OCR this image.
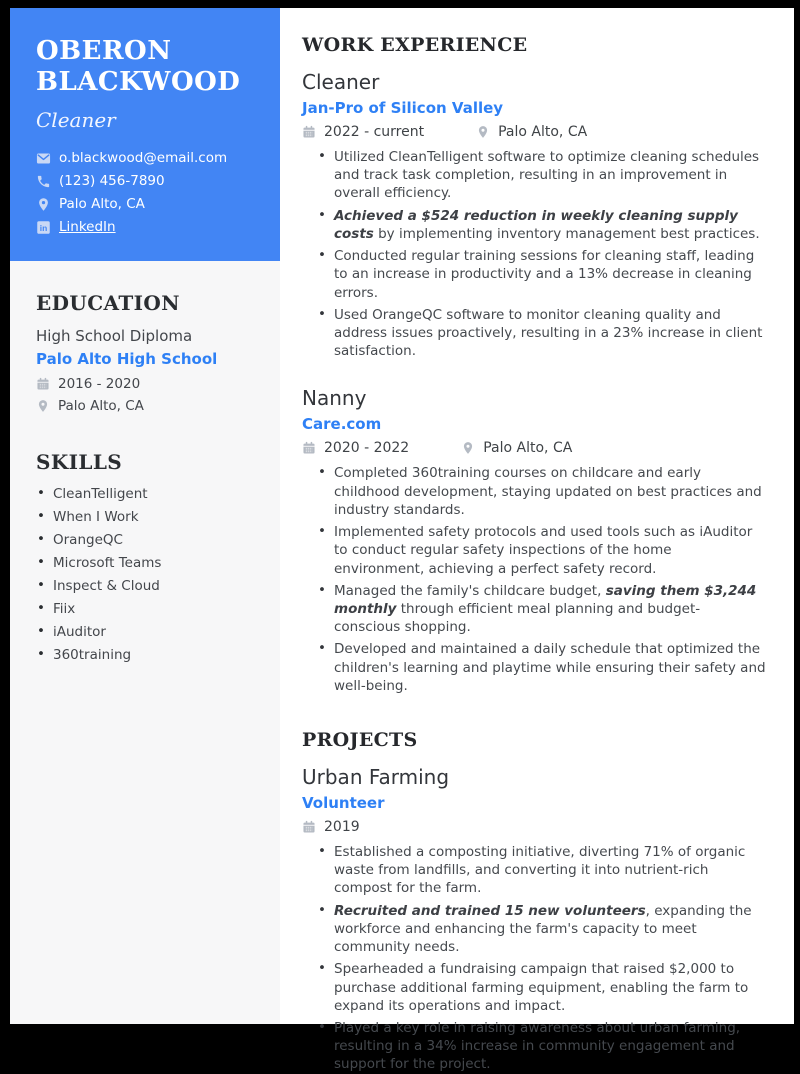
OBERON BLACKWOOD
Cleaner
o.blackwood@email.com
(123) 456-7890
Palo Alto, CA
in LinkedIn
EDUCATION
High School Diploma
Palo Alto High School
2016 - 2020
Palo Alto, CA
SKILLS
• CleanTelligent
• When I Work
• OrangeQC
• Microsoft Teams
• Inspect & Cloud
• Fiix
• iAuditor
• 360training
WORK EXPERIENCE
Cleaner
Jan-Pro of Silicon Valley
2022 - current	Palo Alto, CA
• Utilized CleanTelligent software to optimize cleaning schedules and track task completion, resulting in an improvement in overall efficiency.
• Achieved a $524 reduction in weekly cleaning supply costs by implementing inventory management best practices.
• Conducted regular training sessions for cleaning staff, leading to an increase in productivity and a 13% decrease in cleaning errors.
• Used OrangeQC software to monitor cleaning quality and address issues proactively, resulting in a 23% increase in client satisfaction.
Nanny
Care.com
2020 - 2022	Palo Alto, CA
• Completed 360training courses on childcare and early childhood development, staying updated on best practices and industry standards.
• Implemented safety protocols and used tools such as iAuditor to conduct regular safety inspections of the home environment, achieving a perfect safety record.
• Managed the family's childcare budget, saving them $3,244 monthly through efficient meal planning and budget-conscious shopping.
• Developed and maintained a daily schedule that optimized the children's learning and playtime while ensuring their safety and well-being.
PROJECTS
Urban Farming
Volunteer
2019
• Established a composting initiative, diverting 71% of organic waste from landfills, and converting it into nutrient-rich compost for the farm.
• Recruited and trained 15 new volunteers, expanding the workforce and enhancing the farm's capacity to meet community needs.
• Spearheaded a fundraising campaign that raised $2,000 to purchase additional farming equipment, enabling the farm to expand its operations and impact.
• Played a key role in raising awareness about urban farming, resulting in a 34% increase in community engagement and support for the project.
